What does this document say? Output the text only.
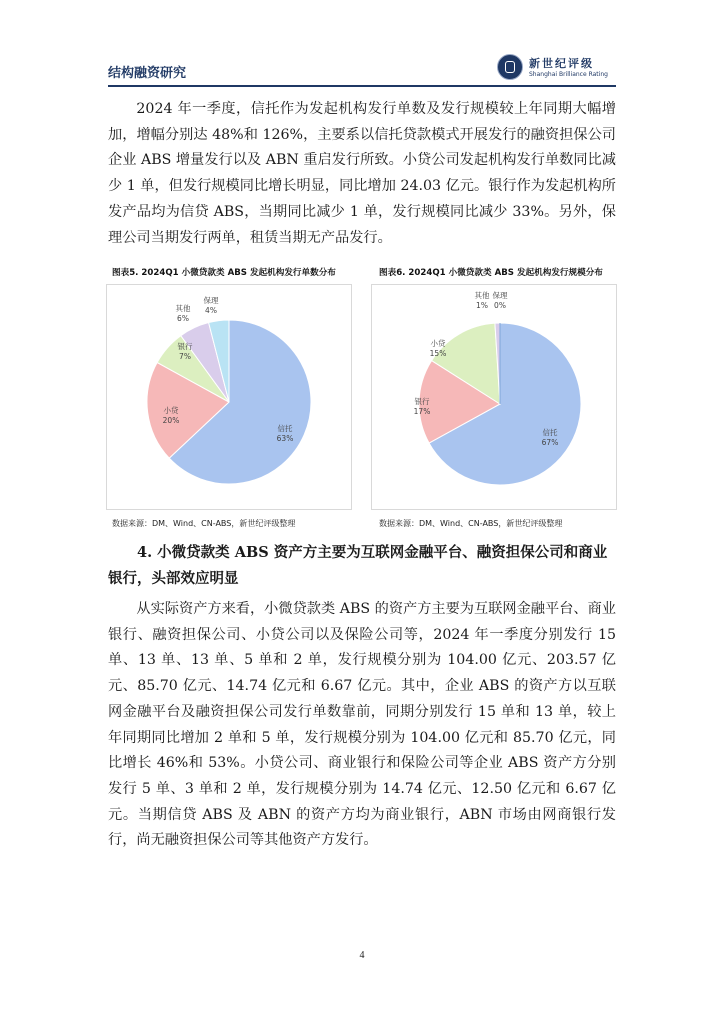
结构融资研究
新世纪评级
Shanghai Brilliance Rating

2024 年一季度，信托作为发起机构发行单数及发行规模较上年同期大幅增加，增幅分别达 48%和 126%，主要系以信托贷款模式开展发行的融资担保公司企业 ABS 增量发行以及 ABN 重启发行所致。小贷公司发起机构发行单数同比减少 1 单，但发行规模同比增长明显，同比增加 24.03 亿元。银行作为发起机构所发产品均为信贷 ABS，当期同比减少 1 单，发行规模同比减少 33%。另外，保理公司当期发行两单，租赁当期无产品发行。

图表5. 2024Q1 小微贷款类 ABS 发起机构发行单数分布	图表6. 2024Q1 小微贷款类 ABS 发起机构发行规模分布
信托
63%
小贷
20%
银行
7%
其他
6%
保理
4%
信托
67%
银行
17%
小贷
15%
其他
1%
保理
0%
数据来源：DM、Wind、CN-ABS，新世纪评级整理	数据来源：DM、Wind、CN-ABS，新世纪评级整理

4. 小微贷款类 ABS 资产方主要为互联网金融平台、融资担保公司和商业银行，头部效应明显

从实际资产方来看，小微贷款类 ABS 的资产方主要为互联网金融平台、商业银行、融资担保公司、小贷公司以及保险公司等，2024 年一季度分别发行 15 单、13 单、13 单、5 单和 2 单，发行规模分别为 104.00 亿元、203.57 亿元、85.70 亿元、14.74 亿元和 6.67 亿元。其中，企业 ABS 的资产方以互联网金融平台及融资担保公司发行单数靠前，同期分别发行 15 单和 13 单，较上年同期同比增加 2 单和 5 单，发行规模分别为 104.00 亿元和 85.70 亿元，同比增长 46%和 53%。小贷公司、商业银行和保险公司等企业 ABS 资产方分别发行 5 单、3 单和 2 单，发行规模分别为 14.74 亿元、12.50 亿元和 6.67 亿元。当期信贷 ABS 及 ABN 的资产方均为商业银行，ABN 市场由网商银行发行，尚无融资担保公司等其他资产方发行。

4
